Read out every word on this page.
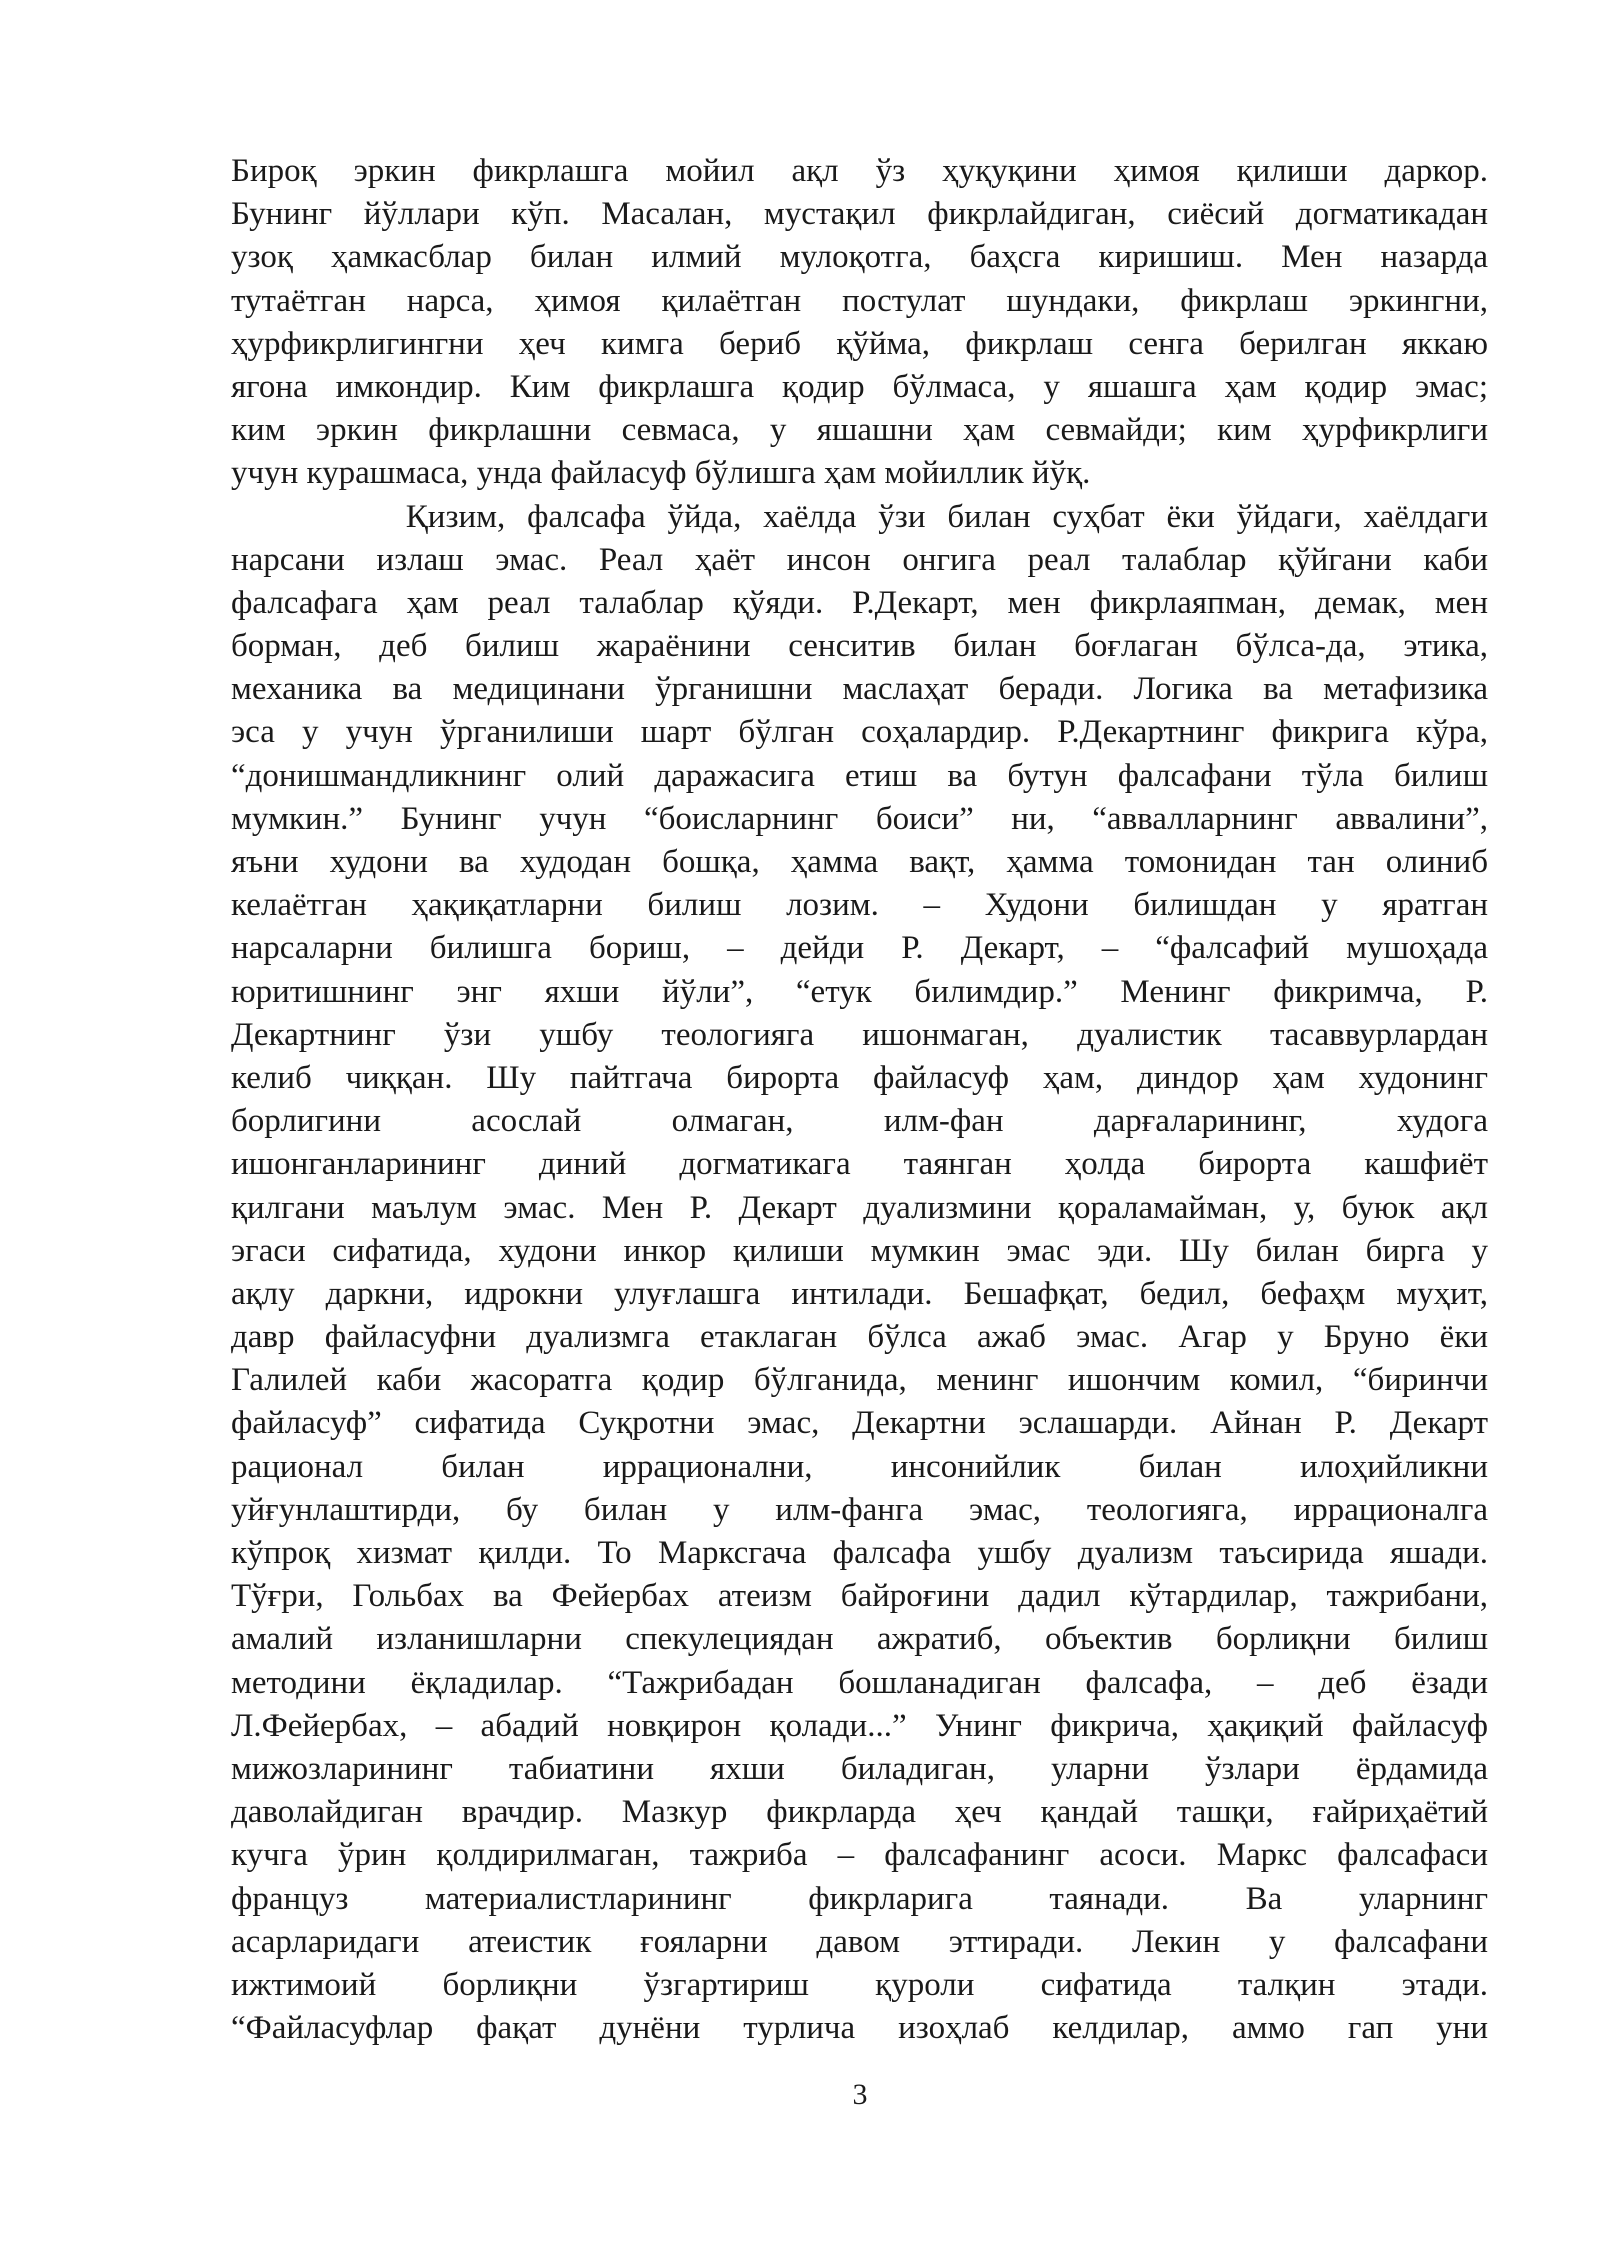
Бироқ эркин фикрлашга мойил ақл ўз ҳуқуқини ҳимоя қилиши даркор.
Бунинг йўллари кўп. Масалан, мустақил фикрлайдиган, сиёсий догматикадан
узоқ ҳамкасблар билан илмий мулоқотга, баҳсга киришиш. Мен назарда
тутаётган нарса, ҳимоя қилаётган постулат шундаки, фикрлаш эркингни,
ҳурфикрлигингни ҳеч кимга бериб қўйма, фикрлаш сенга берилган яккаю
ягона имкондир. Ким фикрлашга қодир бўлмаса, у яшашга ҳам қодир эмас;
ким эркин фикрлашни севмаса, у яшашни ҳам севмайди; ким ҳурфикрлиги
учун курашмаса, унда файласуф бўлишга ҳам мойиллик йўқ.
Қизим, фалсафа ўйда, хаёлда ўзи билан суҳбат ёки ўйдаги, хаёлдаги
нарсани излаш эмас. Реал ҳаёт инсон онгига реал талаблар қўйгани каби
фалсафага ҳам реал талаблар қўяди. Р.Декарт, мен фикрлаяпман, демак, мен
борман, деб билиш жараёнини сенситив билан боғлаган бўлса-да, этика,
механика ва медицинани ўрганишни маслаҳат беради. Логика ва метафизика
эса у учун ўрганилиши шарт бўлган соҳалардир. Р.Декартнинг фикрига кўра,
“донишмандликнинг олий даражасига етиш ва бутун фалсафани тўла билиш
мумкин.” Бунинг учун “боисларнинг боиси” ни, “аввалларнинг аввалини”,
яъни худони ва худодан бошқа, ҳамма вақт, ҳамма томонидан тан олиниб
келаётган ҳақиқатларни билиш лозим. – Худони билишдан у яратган
нарсаларни билишга бориш, – дейди Р. Декарт, – “фалсафий мушоҳада
юритишнинг энг яхши йўли”, “етук билимдир.” Менинг фикримча, Р.
Декартнинг ўзи ушбу теологияга ишонмаган, дуалистик тасаввурлардан
келиб чиққан. Шу пайтгача бирорта файласуф ҳам, диндор ҳам худонинг
борлигини асослай олмаган, илм-фан дарғаларининг, худога
ишонганларининг диний догматикага таянган ҳолда бирорта кашфиёт
қилгани маълум эмас. Мен Р. Декарт дуализмини қораламайман, у, буюк ақл
эгаси сифатида, худони инкор қилиши мумкин эмас эди. Шу билан бирга у
ақлу даркни, идрокни улуғлашга интилади. Бешафқат, бедил, бефаҳм муҳит,
давр файласуфни дуализмга етаклаган бўлса ажаб эмас. Агар у Бруно ёки
Галилей каби жасоратга қодир бўлганида, менинг ишончим комил, “биринчи
файласуф” сифатида Суқротни эмас, Декартни эслашарди. Айнан Р. Декарт
рационал билан иррационални, инсонийлик билан илоҳийликни
уйғунлаштирди, бу билан у илм-фанга эмас, теологияга, иррационалга
кўпроқ хизмат қилди. То Марксгача фалсафа ушбу дуализм таъсирида яшади.
Тўғри, Гольбах ва Фейербах атеизм байроғини дадил кўтардилар, тажрибани,
амалий изланишларни спекулециядан ажратиб, объектив борлиқни билиш
методини ёқладилар. “Тажрибадан бошланадиган фалсафа, – деб ёзади
Л.Фейербах, – абадий новқирон қолади...” Унинг фикрича, ҳақиқий файласуф
мижозларининг табиатини яхши биладиган, уларни ўзлари ёрдамида
даволайдиган врачдир. Мазкур фикрларда ҳеч қандай ташқи, ғайриҳаётий
кучга ўрин қолдирилмаган, тажриба – фалсафанинг асоси. Маркс фалсафаси
француз материалистларининг фикрларига таянади. Ва уларнинг
асарларидаги атеистик ғояларни давом эттиради. Лекин у фалсафани
ижтимоий борлиқни ўзгартириш қуроли сифатида талқин этади.
“Файласуфлар фақат дунёни турлича изоҳлаб келдилар, аммо гап уни
3
